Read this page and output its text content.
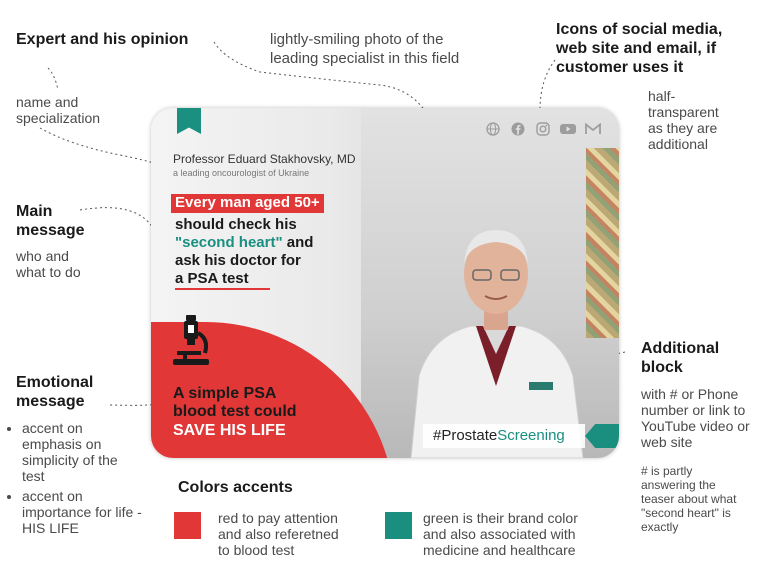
Expert and his opinion
name and
specialization
lightly-smiling photo of the
leading specialist in this field
Icons of social media,
web site and email, if
customer uses it
half-
transparent
as they are
additional
Main
message
who and
what to do
Emotional
message
• accent on emphasis on simplicity of the test
• accent on importance for life - HIS LIFE
Additional
block
with # or Phone
number or link to
YouTube video or
web site
# is partly
answering the
teaser about what
"second heart" is
exactly
Professor Eduard Stakhovsky, MD
a leading oncourologist of Ukraine
Every man aged 50+
should check his
"second heart" and
ask his doctor for
a PSA test
A simple PSA
blood test could
SAVE HIS LIFE	#ProstateScreening
Colors accents
red to pay attention
and also referetned
to blood test
green is their brand color
and also associated with
medicine and healthcare
